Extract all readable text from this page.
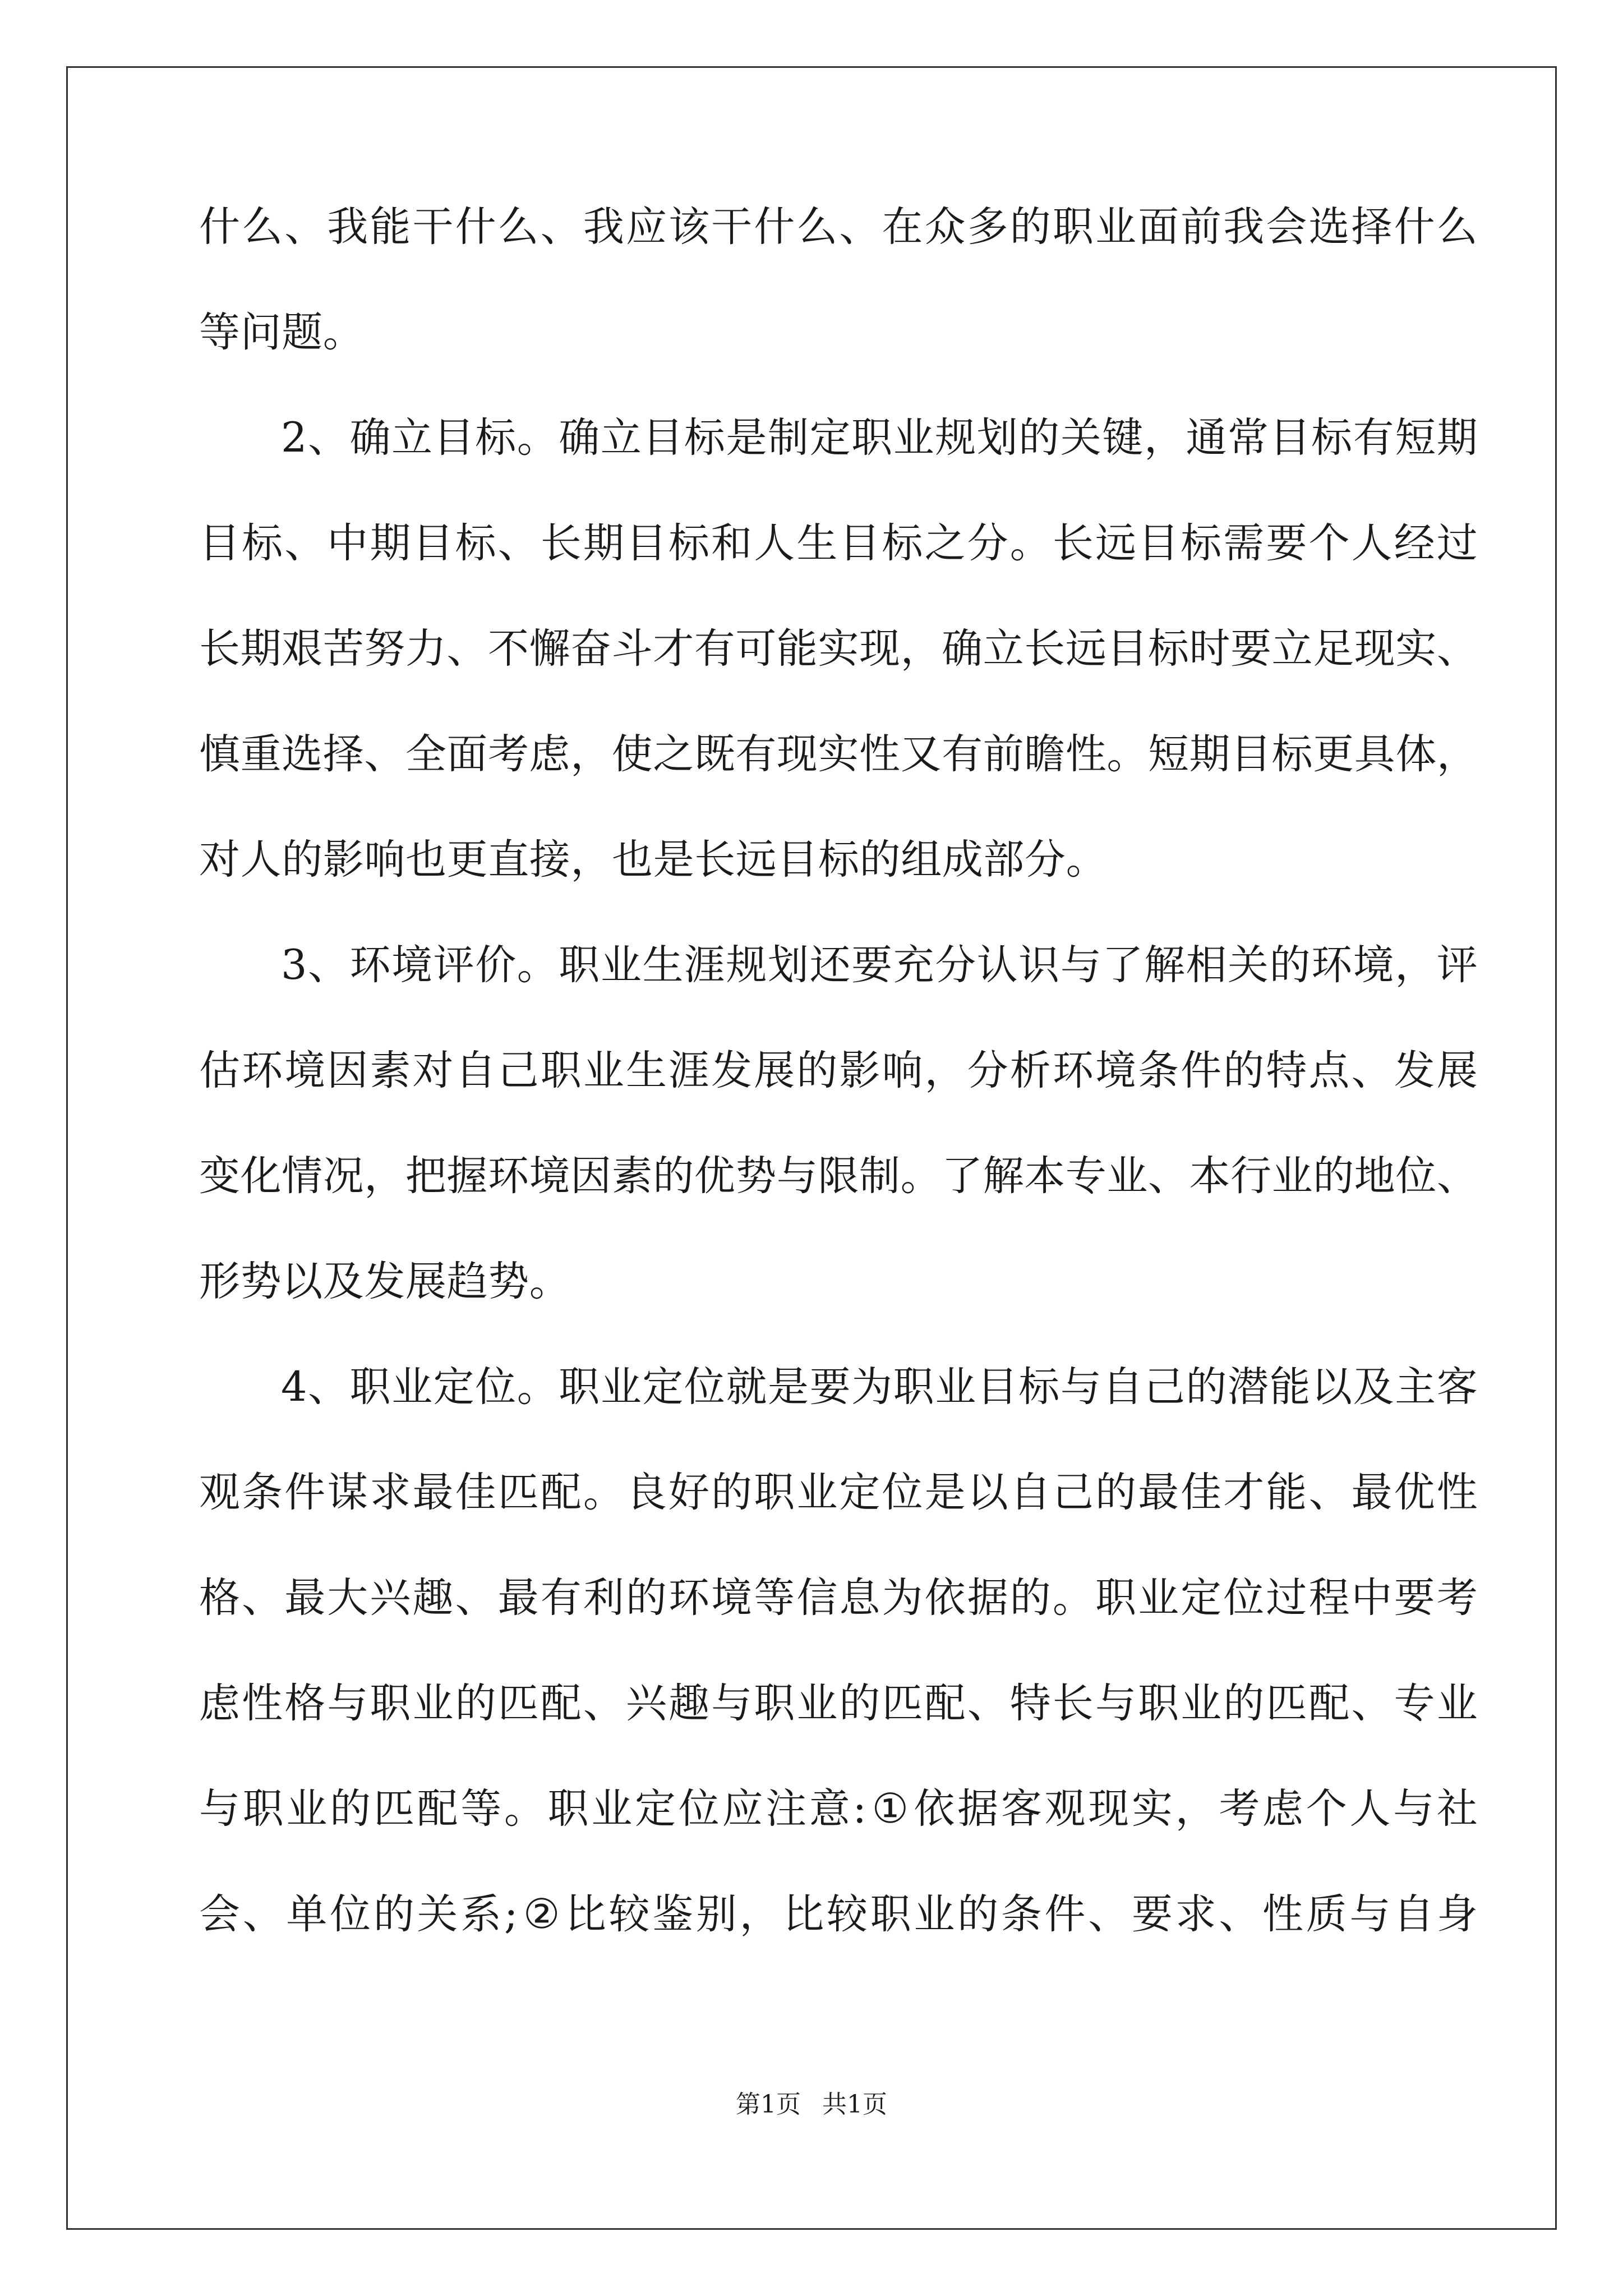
什 么 、 我 能 干 什 么 、 我 应 该 干 什 么 、 在 众 多 的 职 业 面 前 我 会 选 择 什 么
等问题。
2 、 确 立 目 标 。 确 立 目 标 是 制 定 职 业 规 划 的 关 键 ， 通 常 目 标 有 短 期
目 标 、 中 期 目 标 、 长 期 目 标 和 人 生 目 标 之 分 。 长 远 目 标 需 要 个 人 经 过
长 期 艰 苦 努 力 、 不 懈 奋 斗 才 有 可 能 实 现 ， 确 立 长 远 目 标 时 要 立 足 现 实 、
慎 重 选 择 、 全 面 考 虑 ， 使 之 既 有 现 实 性 又 有 前 瞻 性 。 短 期 目 标 更 具 体 ，
对人的影响也更直接，也是长远目标的组成部分。
3 、 环 境 评 价 。 职 业 生 涯 规 划 还 要 充 分 认 识 与 了 解 相 关 的 环 境 ， 评
估 环 境 因 素 对 自 己 职 业 生 涯 发 展 的 影 响 ， 分 析 环 境 条 件 的 特 点 、 发 展
变 化 情 况 ， 把 握 环 境 因 素 的 优 势 与 限 制 。 了 解 本 专 业 、 本 行 业 的 地 位 、
形势以及发展趋势。
4 、 职 业 定 位 。 职 业 定 位 就 是 要 为 职 业 目 标 与 自 己 的 潜 能 以 及 主 客
观 条 件 谋 求 最 佳 匹 配 。 良 好 的 职 业 定 位 是 以 自 己 的 最 佳 才 能 、 最 优 性
格 、 最 大 兴 趣 、 最 有 利 的 环 境 等 信 息 为 依 据 的 。 职 业 定 位 过 程 中 要 考
虑 性 格 与 职 业 的 匹 配 、 兴 趣 与 职 业 的 匹 配 、 特 长 与 职 业 的 匹 配 、 专 业
与 职 业 的 匹 配 等 。 职 业 定 位 应 注 意 : ① 依 据 客 观 现 实 ， 考 虑 个 人 与 社
会 、 单 位 的 关 系 ; ② 比 较 鉴 别 ， 比 较 职 业 的 条 件 、 要 求 、 性 质 与 自 身
第1页 共1页
